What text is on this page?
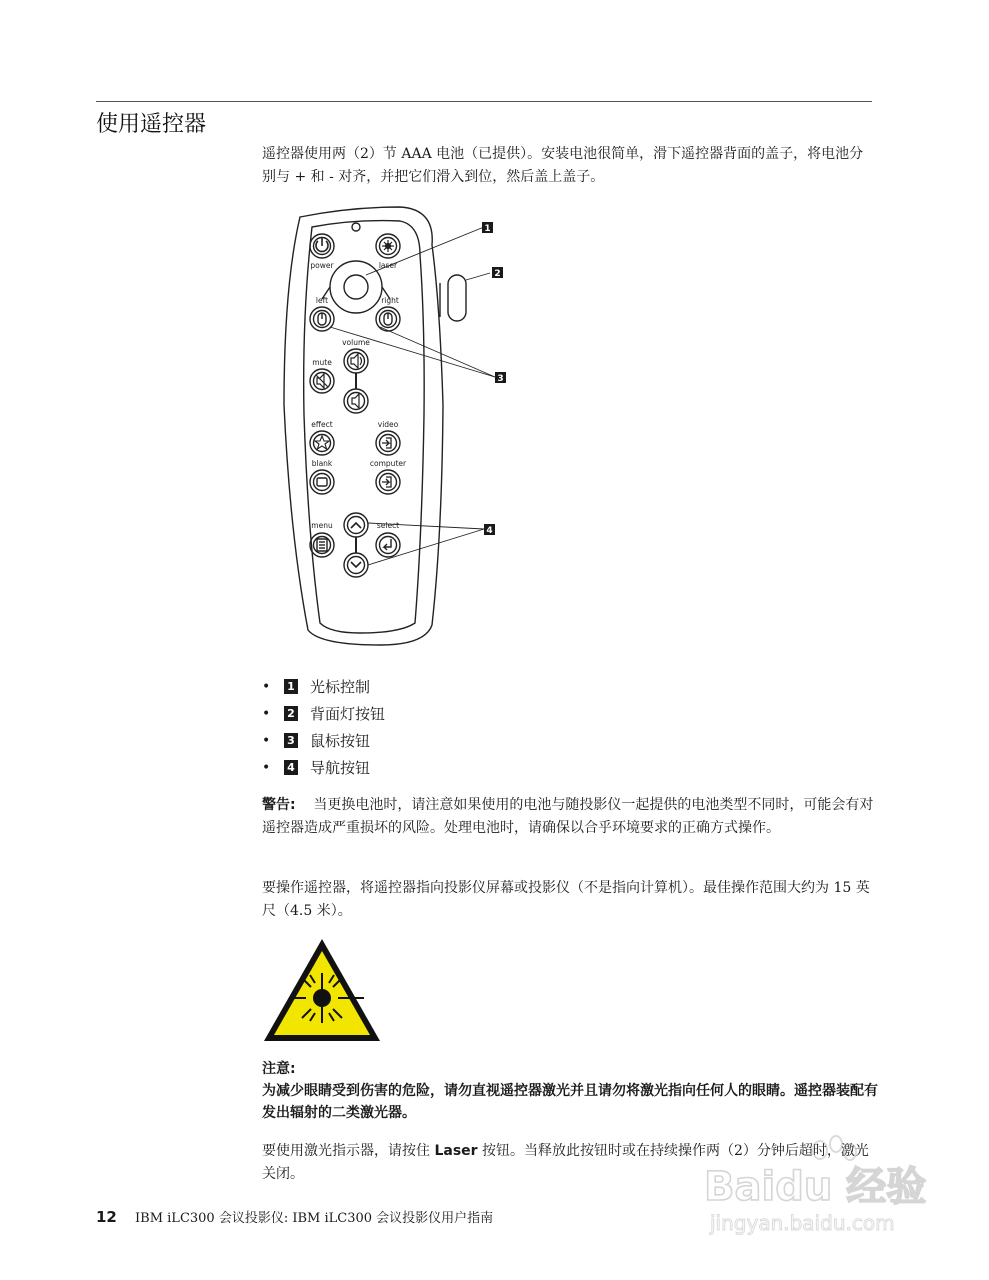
使用遥控器
遥控器使用两（2）节 AAA 电池（已提供）。安装电池很简单，滑下遥控器背面的盖子，将电池分别与 + 和 - 对齐，并把它们滑入到位，然后盖上盖子。
1
2
3
4
power	laser
left	right
volume
mute
effect	video
blank	computer
menu	select
•	1 光标控制
•	2 背面灯按钮
•	3 鼠标按钮
•	4 导航按钮
警告: 当更换电池时，请注意如果使用的电池与随投影仪一起提供的电池类型不同时，可能会有对遥控器造成严重损坏的风险。处理电池时，请确保以合乎环境要求的正确方式操作。
要操作遥控器，将遥控器指向投影仪屏幕或投影仪（不是指向计算机）。最佳操作范围大约为 15 英尺（4.5 米）。
注意:
为减少眼睛受到伤害的危险，请勿直视遥控器激光并且请勿将激光指向任何人的眼睛。遥控器装配有发出辐射的二类激光器。
要使用激光指示器，请按住 Laser 按钮。当释放此按钮时或在持续操作两（2）分钟后超时，激光关闭。
12 IBM iLC300 会议投影仪: IBM iLC300 会议投影仪用户指南
Baidu 经验
jingyan.baidu.com
